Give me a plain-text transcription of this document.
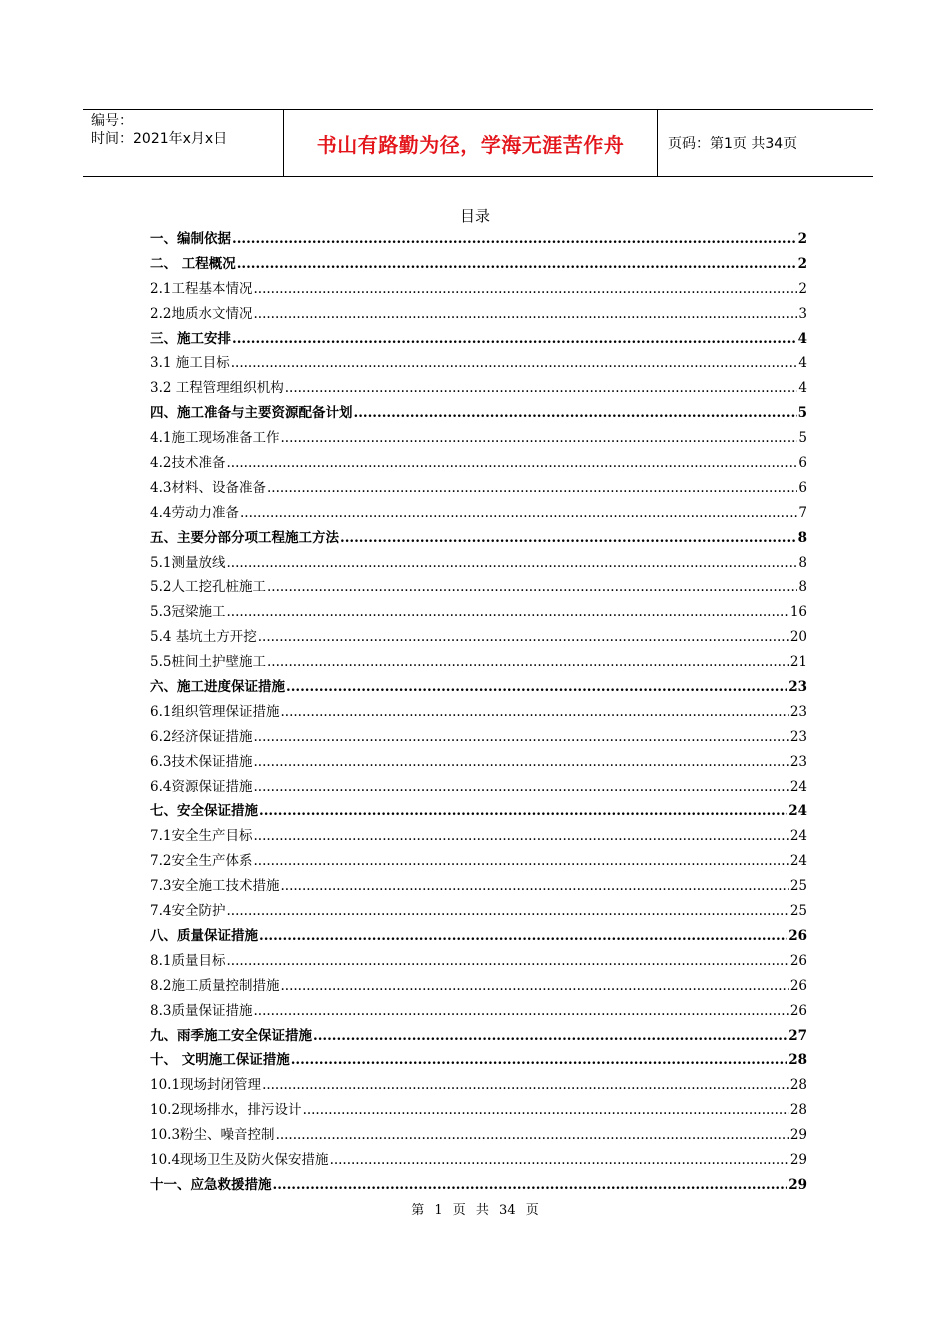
编号：
时间：2021年x月x日	书山有路勤为径，学海无涯苦作舟	页码：第1页 共34页
目录
一、编制依据 .....	2
二、 工程概况 .....	2
2.1工程基本情况 .....	2
2.2地质水文情况 .....	3
三、施工安排 .....	4
3.1 施工目标 .....	4
3.2 工程管理组织机构 .....	4
四、施工准备与主要资源配备计划 .....	5
4.1施工现场准备工作 .....	5
4.2技术准备 .....	6
4.3材料、设备准备 .....	6
4.4劳动力准备 .....	7
五、主要分部分项工程施工方法 .....	8
5.1测量放线 .....	8
5.2人工挖孔桩施工 .....	8
5.3冠梁施工 .....	16
5.4 基坑土方开挖 .....	20
5.5桩间土护壁施工 .....	21
六、施工进度保证措施 .....	23
6.1组织管理保证措施 .....	23
6.2经济保证措施 .....	23
6.3技术保证措施 .....	23
6.4资源保证措施 .....	24
七、安全保证措施 .....	24
7.1安全生产目标 .....	24
7.2安全生产体系 .....	24
7.3安全施工技术措施 .....	25
7.4安全防护 .....	25
八、质量保证措施 .....	26
8.1质量目标 .....	26
8.2施工质量控制措施 .....	26
8.3质量保证措施 .....	26
九、雨季施工安全保证措施 .....	27
十、 文明施工保证措施 .....	28
10.1现场封闭管理 .....	28
10.2现场排水，排污设计 .....	28
10.3粉尘、噪音控制 .....	29
10.4现场卫生及防火保安措施 .....	29
十一、应急救援措施 .....	29
第 1 页 共 34 页
